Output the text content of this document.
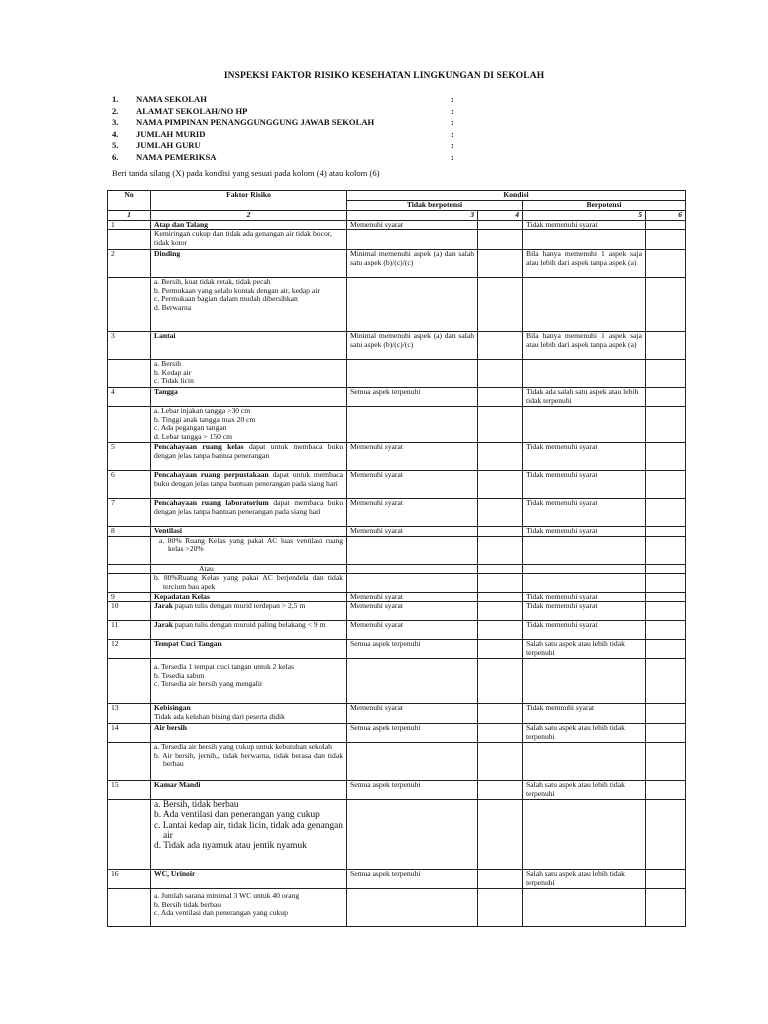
INSPEKSI FAKTOR RISIKO KESEHATAN LINGKUNGAN DI SEKOLAH
1. NAMA SEKOLAH	:
2. ALAMAT SEKOLAH/NO HP	:
3. NAMA PIMPINAN PENANGGUNGGUNG JAWAB SEKOLAH	:
4. JUMLAH MURID	:
5. JUMLAH GURU	:
6. NAMA PEMERIKSA	:
Beri tanda silang (X) pada kondisi yang sesuai pada kolom (4) atau kolom (6)
No	Faktor Risiko	Kondisi			
		Tidak berpotensi		Berpotensi	
1	2	3	4	5	6
1	Atap dan Talang	Memenuhi syarat		Tidak memenuhi syarat	
	Kemiringan cukup dan tidak ada genangan air tidak bocor, tidak kotor				
2	Dinding	Minimal memenuhi aspek (a) dan salah satu aspek (b)/(c)/(c)		Bila hanya memenuhi 1 aspek saja atau lebih dari aspek tanpa aspek (a)	

	a. Bersih, kuat tidak retak, tidak pecah
b. Permukaan yang selalu kontak dengan air, kedap air
c. Permukaan bagian dalam mudah dibersihkan
d. Berwarna				

3	Lantai	Minimal memenuhi aspek (a) dan salah satu aspek (b)/(c)/(c)		Bila hanya memenuhi 1 aspek saja atau lebih dari aspek tanpa aspek (a)	

	a. Bersih
b. Kedap air
c. Tidak licin				

4	Tangga	Semua aspek terpenuhi		Tidak ada salah satu aspek atau lebih tidak terpenuhi	

	a. Lebar injakan tangga >30 cm
b. Tinggi anak tangga max 20 cm
c. Ada pegangan tangan
d. Lebar tangga > 150 cm				

5	Pencahayaan ruang kelas dapat untuk membaca buku dengan jelas tanpa bantua penerangan	Memenuhi syarat		Tidak memenuhi syarat	
6	Pencahayaan ruang perpustakaan dapat untuk membaca buku dengan jelas tanpa bantuan penerangan pada siang hari	Memenuhi syarat		Tidak memenuhi syarat	
7	Pencahayaan ruang laboratorium dapat membaca buku dengan jelas tanpa bantuan penerangan pada siang hari	Memenuhi syarat		Tidak memenuhi syarat	
8	Ventilasi	Memenuhi syarat		Tidak memenuhi syarat	

	a. 80% Ruang Kelas yang pakai AC luas ventilasi ruang kelas >20%				

	Atau				

	b. 80%Ruang Kelas yang pakai AC berjendela dan tidak tercium bau apek				

9	Kepadatan Kelas	Memenuhi syarat		Tidak memenuhi syarat	
10	Jarak papan tulis dengan murid terdepan > 2,5 m	Memenuhi syarat		Tidak memenuhi syarat	
11	Jarak papan tulis dengan muruid paling belakang < 9 m	Memenuhi syarat		Tidak memenuhi syarat	
12	Tempat Cuci Tangan	Semua aspek terpenuhi		Salah satu aspek atau lebih tidak terpenuhi	

	a. Tersedia 1 tempat cuci tangan untuk 2 kelas
b. Tesedia sabun
c. Tersedia air bersih yang mengalir				

13	Kebisingan
Tidak ada keluhan bising dari peserta didik	Memenuhi syarat		Tidak memnuhi syarat	
14	Air bersih	Semua aspek terpenuhi		Salah satu aspek atau lebih tidak terpenuhi	

	a. Tersedia air bersih yang cukup untuk kebutuhan sekolah
b. Air bersih, jernih,, tidak berwarna, tidak berasa dan tidak berbau				

15	Kamar Mandi	Semua aspek terpenuhi		Salah satu aspek atau lebih tidak terpenuhi	

	a. Bersih, tidak berbau
b. Ada ventilasi dan penerangan yang cukup
c. Lantai kedap air, tidak licin, tidak ada genangan air
d. Tidak ada nyamuk atau jentik nyamuk				

16	WC, Urinoir	Semua aspek terpenuhi		Salah satu aspek atau lebih tidak terpenuhi	

	a. Jumlah sarana minimal 3 WC untuk 40 orang
b. Bersih tidak berbau
c. Ada ventilasi dan penerangan yang cukup				
